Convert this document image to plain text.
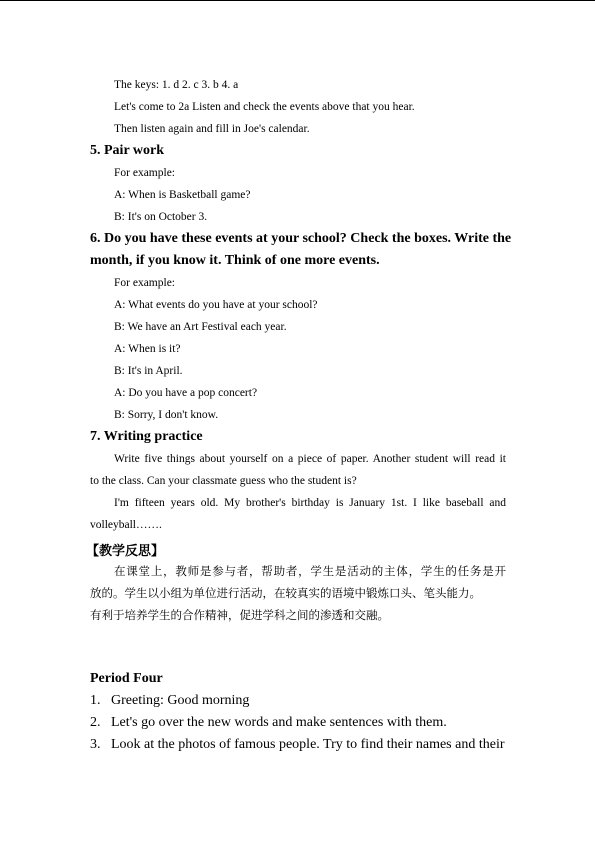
The keys: 1. d 2. c 3. b 4. a
Let's come to 2a Listen and check the events above that you hear.
Then listen again and fill in Joe's calendar.
5. Pair work
For example:
A: When is Basketball game?
B: It's on October 3.
6. Do you have these events at your school? Check the boxes. Write the
month, if you know it. Think of one more events.
For example:
A: What events do you have at your school?
B: We have an Art Festival each year.
A: When is it?
B: It's in April.
A: Do you have a pop concert?
B: Sorry, I don't know.
7. Writing practice
Write five things about yourself on a piece of paper. Another student will read it
to the class. Can your classmate guess who the student is?
I'm fifteen years old. My brother's birthday is January 1st. I like baseball and
volleyball…….
【教学反思】
在课堂上，教师是参与者，帮助者，学生是活动的主体，学生的任务是开
放的。学生以小组为单位进行活动，在较真实的语境中锻炼口头、笔头能力。
有利于培养学生的合作精神，促进学科之间的渗透和交融。
Period Four
1.   Greeting: Good morning
2.   Let's go over the new words and make sentences with them.
3.   Look at the photos of famous people. Try to find their names and their
